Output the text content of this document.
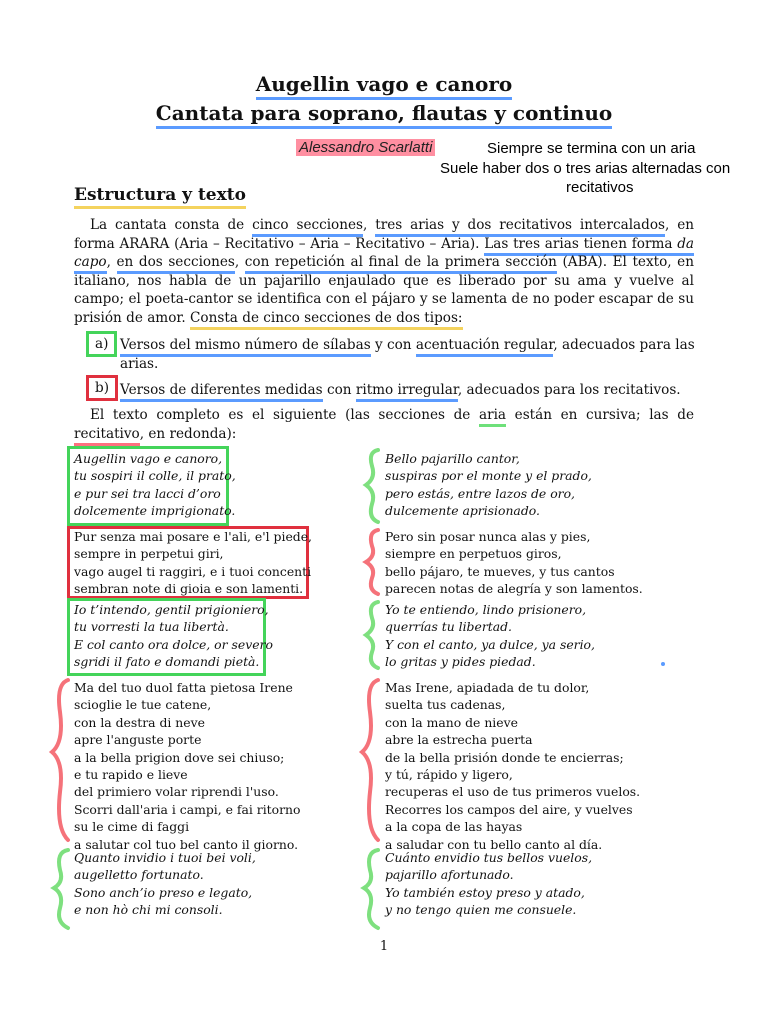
Augellin vago e canoro
Cantata para soprano, flautas y continuo
Alessandro Scarlatti	Siempre se termina con un aria
Suele haber dos o tres arias alternadas con
recitativos
Estructura y texto
La cantata consta de cinco secciones, tres arias y dos recitativos intercalados, en forma ARARA (Aria – Recitativo – Aria – Recitativo – Aria). Las tres arias tienen forma da capo, en dos secciones, con repetición al final de la primera sección (ABA). El texto, en italiano, nos habla de un pajarillo enjaulado que es liberado por su ama y vuelve al campo; el poeta-cantor se identifica con el pájaro y se lamenta de no poder escapar de su prisión de amor. Consta de cinco secciones de dos tipos:
a) Versos del mismo número de sílabas y con acentuación regular, adecuados para las arias.
b) Versos de diferentes medidas con ritmo irregular, adecuados para los recitativos.
El texto completo es el siguiente (las secciones de aria están en cursiva; las de recitativo, en redonda):
Augellin vago e canoro,
tu sospiri il colle, il prato,
e pur sei tra lacci d’oro
dolcemente imprigionato.
Bello pajarillo cantor,
suspiras por el monte y el prado,
pero estás, entre lazos de oro,
dulcemente aprisionado.
Pur senza mai posare e l'ali, e'l piede,
sempre in perpetui giri,
vago augel ti raggiri, e i tuoi concenti
sembran note di gioia e son lamenti.
Pero sin posar nunca alas y pies,
siempre en perpetuos giros,
bello pájaro, te mueves, y tus cantos
parecen notas de alegría y son lamentos.
Io t’intendo, gentil prigioniero,
tu vorresti la tua libertà.
E col canto ora dolce, or severo
sgridi il fato e domandi pietà.
Yo te entiendo, lindo prisionero,
querrías tu libertad.
Y con el canto, ya dulce, ya serio,
lo gritas y pides piedad.
Ma del tuo duol fatta pietosa Irene
scioglie le tue catene,
con la destra di neve
apre l'anguste porte
a la bella prigion dove sei chiuso;
e tu rapido e lieve
del primiero volar riprendi l'uso.
Scorri dall'aria i campi, e fai ritorno
su le cime di faggi
a salutar col tuo bel canto il giorno.
Mas Irene, apiadada de tu dolor,
suelta tus cadenas,
con la mano de nieve
abre la estrecha puerta
de la bella prisión donde te encierras;
y tú, rápido y ligero,
recuperas el uso de tus primeros vuelos.
Recorres los campos del aire, y vuelves
a la copa de las hayas
a saludar con tu bello canto al día.
Quanto invidio i tuoi bei voli,
augelletto fortunato.
Sono anch’io preso e legato,
e non hò chi mi consoli.
Cuánto envidio tus bellos vuelos,
pajarillo afortunado.
Yo también estoy preso y atado,
y no tengo quien me consuele.
1
